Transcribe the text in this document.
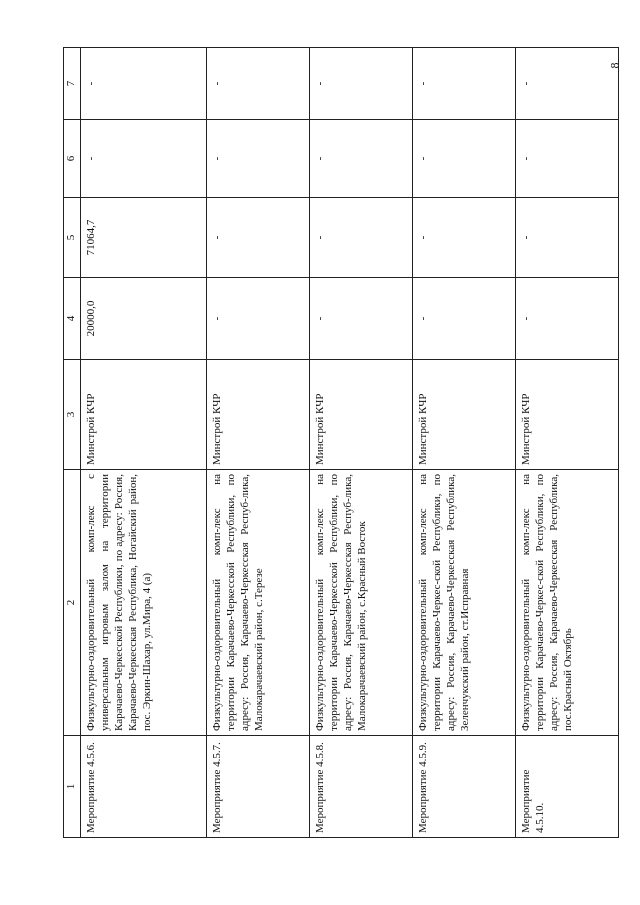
8
1	2	3	4	5	6	7
Мероприятие 4.5.6.	Физкультурно-оздоровительный комп-лекс с универсальным игровым залом на территории Карачаево-Черкесской Республики, по адресу: Россия, Карачаево-Черкесская Республика, Ногайский район, пос. Эркин-Шахар, ул.Мира, 4 (а)	Минстрой КЧР	20000,0	71064,7	-	-
Мероприятие 4.5.7.	Физкультурно-оздоровительный комп-лекс на территории Карачаево-Черкесской Республики, по адресу: Россия, Карачаево-Черкесская Респуб-лика, Малокарачаевский район, с.Терезе	Минстрой КЧР	-	-	-	-
Мероприятие 4.5.8.	Физкультурно-оздоровительный комп-лекс на территории Карачаево-Черкесской Республики, по адресу: Россия, Карачаево-Черкесская Респуб-лика, Малокарачаевский район, с.Красный Восток	Минстрой КЧР	-	-	-	-
Мероприятие 4.5.9.	Физкультурно-оздоровительный комп-лекс на территории Карачаево-Черкес-ской Республики, по адресу: Россия, Карачаево-Черкесская Республика, Зеленчукский район, ст.Исправная	Минстрой КЧР	-	-	-	-
Мероприятие 4.5.10.	Физкультурно-оздоровительный комп-лекс на территории Карачаево-Черкес-ской Республики, по адресу: Россия, Карачаево-Черкесская Республика, пос.Красный Октябрь	Минстрой КЧР	-	-	-	-
